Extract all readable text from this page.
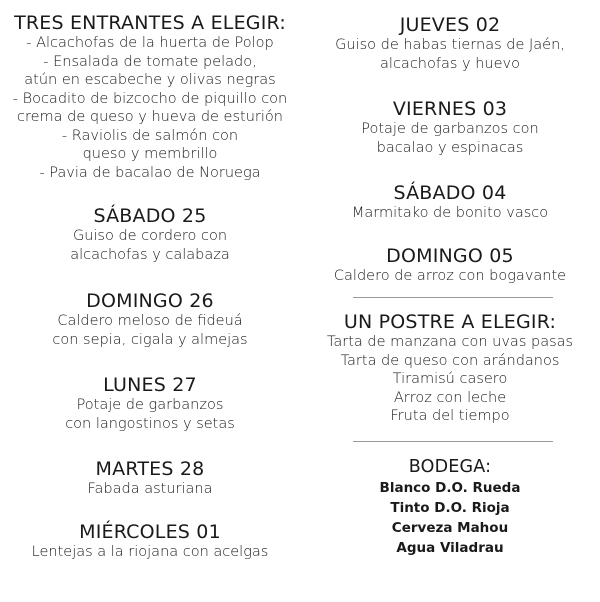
TRES ENTRANTES A ELEGIR:

- Alcachofas de la huerta de Polop

- Ensalada de tomate pelado,

atún en escabeche y olivas negras

- Bocadito de bizcocho de piquillo con

crema de queso y hueva de esturión

- Raviolis de salmón con

queso y membrillo

- Pavia de bacalao de Noruega

SÁBADO 25

Guiso de cordero con

alcachofas y calabaza

DOMINGO 26

Caldero meloso de fideuá

con sepia, cigala y almejas

LUNES 27

Potaje de garbanzos

con langostinos y setas

MARTES 28

Fabada asturiana

MIÉRCOLES 01

Lentejas a la riojana con acelgas

JUEVES 02

Guiso de habas tiernas de Jaén,

alcachofas y huevo

VIERNES 03

Potaje de garbanzos con

bacalao y espinacas

SÁBADO 04

Marmitako de bonito vasco

DOMINGO 05

Caldero de arroz con bogavante

UN POSTRE A ELEGIR:

Tarta de manzana con uvas pasas

Tarta de queso con arándanos

Tiramisú casero

Arroz con leche

Fruta del tiempo

BODEGA:

Blanco D.O. Rueda

Tinto D.O. Rioja

Cerveza Mahou

Agua Viladrau
